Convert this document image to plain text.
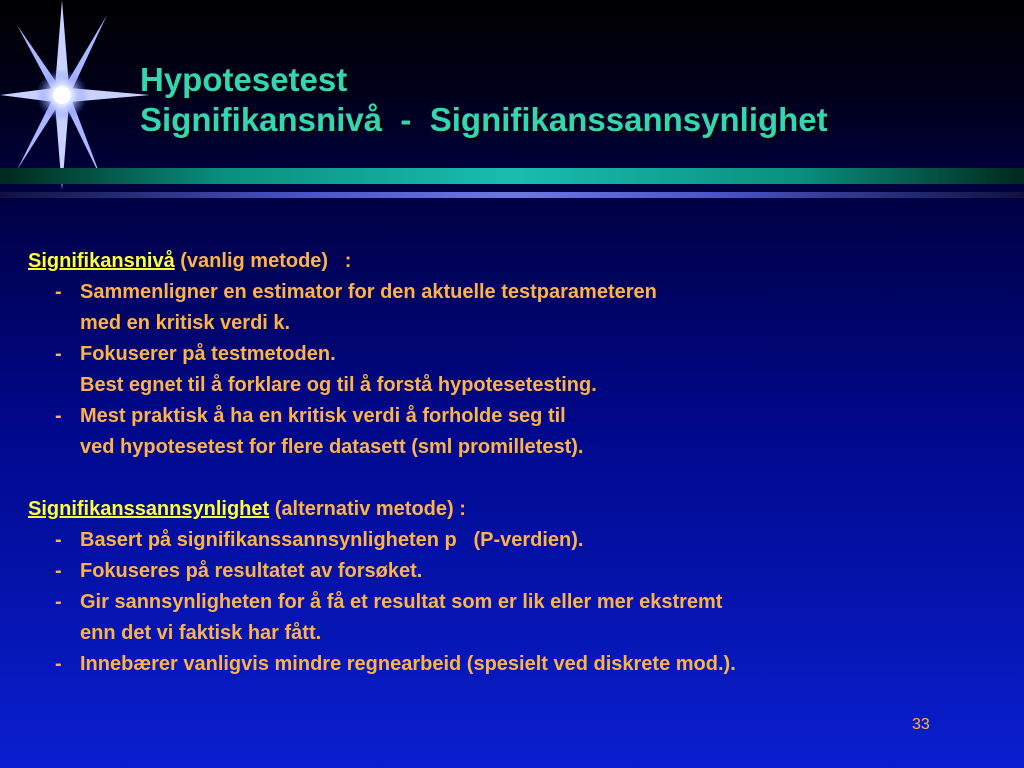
Hypotesetest
Signifikansnivå  -  Signifikanssannsynlighet
Signifikansnivå (vanlig metode)   :
- Sammenligner en estimator for den aktuelle testparameteren
med en kritisk verdi k.
- Fokuserer på testmetoden.
Best egnet til å forklare og til å forstå hypotesetesting.
- Mest praktisk å ha en kritisk verdi å forholde seg til
ved hypotesetest for flere datasett (sml promilletest).
Signifikanssannsynlighet (alternativ metode) :
- Basert på signifikanssannsynligheten p   (P-verdien).
- Fokuseres på resultatet av forsøket.
- Gir sannsynligheten for å få et resultat som er lik eller mer ekstremt
enn det vi faktisk har fått.
- Innebærer vanligvis mindre regnearbeid (spesielt ved diskrete mod.).
33
